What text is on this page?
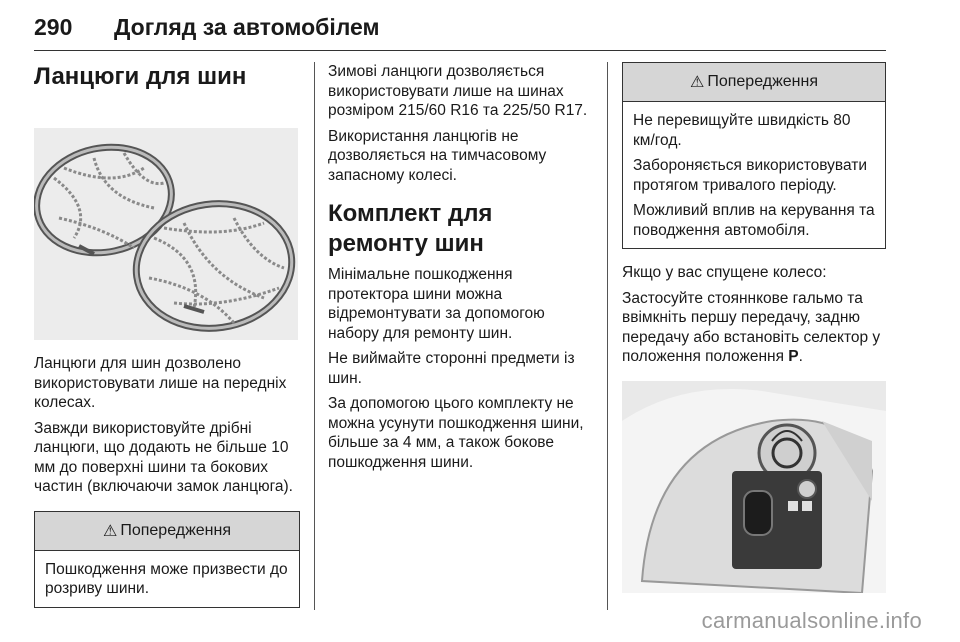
290 Догляд за автомобілем
Ланцюги для шин

Ланцюги для шин дозволено використовувати лише на передніх колесах.

Завжди використовуйте дрібні ланцюги, що додають не більше 10 мм до поверхні шини та бокових частин (включаючи замок ланцюга).

⚠ Попередження

Пошкодження може призвести до розриву шини.

Зимові ланцюги дозволяється використовувати лише на шинах розміром 215/60 R16 та 225/50 R17.

Використання ланцюгів не дозволяється на тимчасовому запасному колесі.

Комплект для ремонту шин

Мінімальне пошкодження протектора шини можна відремонтувати за допомогою набору для ремонту шин.

Не виймайте сторонні предмети із шин.

За допомогою цього комплекту не можна усунути пошкодження шини, більше за 4 мм, а також бокове пошкодження шини.

⚠ Попередження

Не перевищуйте швидкість 80 км/год.

Забороняється використовувати протягом тривалого періоду.

Можливий вплив на керування та поводження автомобіля.

Якщо у вас спущене колесо:

Застосуйте стояннкове гальмо та ввімкніть першу передачу, задню передачу або встановіть селектор у положення положення P.

carmanualsonline.info
